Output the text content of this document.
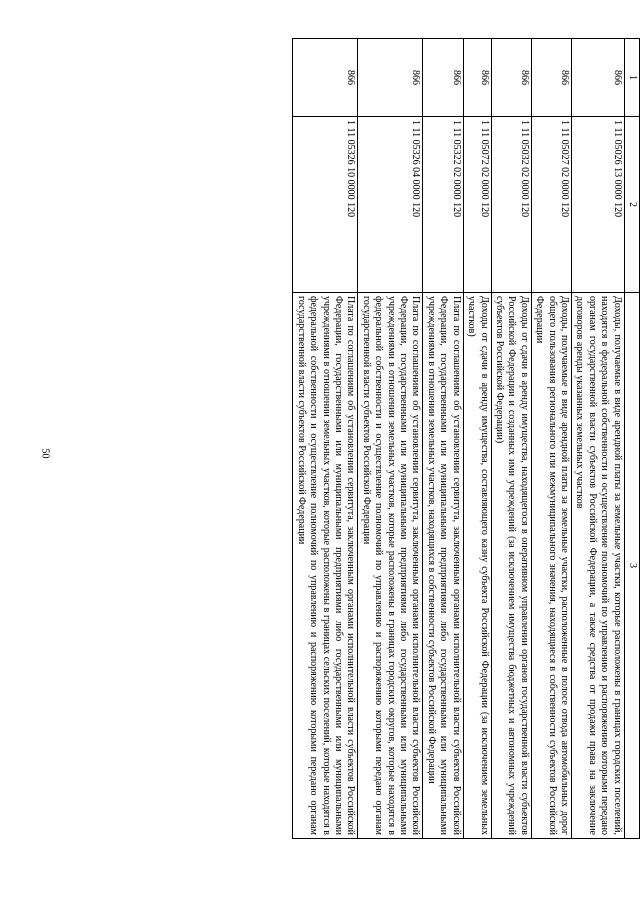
50
1	2	3
866	1 11 05026 13 0000 120	Доходы, получаемые в виде арендной платы за земельные участки, которые расположены в границах городских поселений, находятся в федеральной собственности и осуществление полномочий по управлению и распоряжению которыми передано органам государственной власти субъектов Российской Федерации, а также средства от продажи права на заключение договоров аренды указанных земельных участков
866	1 11 05027 02 0000 120	Доходы, получаемые в виде арендной платы за земельные участки, расположенные в полосе отвода автомобильных дорог общего пользования регионального или межмуниципального значения, находящиеся в собственности субъектов Российской Федерации
866	1 11 05032 02 0000 120	Доходы от сдачи в аренду имущества, находящегося в оперативном управлении органов государственной власти субъектов Российской Федерации и созданных ими учреждений (за исключением имущества бюджетных и автономных учреждений субъектов Российской Федерации)
866	1 11 05072 02 0000 120	Доходы от сдачи в аренду имущества, составляющего казну субъекта Российской Федерации (за исключением земельных участков)
866	1 11 05322 02 0000 120	Плата по соглашениям об установлении сервитута, заключенным органами исполнительной власти субъектов Российской Федерации, государственными или муниципальными предприятиями либо государственными или муниципальными учреждениями в отношении земельных участков, находящихся в собственности субъектов Российской Федерации
866	1 11 05326 04 0000 120	Плата по соглашениям об установлении сервитута, заключенным органами исполнительной власти субъектов Российской Федерации, государственными или муниципальными предприятиями либо государственными или муниципальными учреждениями в отношении земельных участков, которые расположены в границах городских округов, которые находятся в федеральной собственности и осуществление полномочий по управлению и распоряжению которыми передано органам государственной власти субъектов Российской Федерации
866	1 11 05326 10 0000 120	Плата по соглашениям об установлении сервитута, заключенным органами исполнительной власти субъектов Российской Федерации, государственными или муниципальными предприятиями либо государственными или муниципальными учреждениями в отношении земельных участков, которые расположены в границах сельских поселений, которые находятся в федеральной собственности и осуществление полномочий по управлению и распоряжению которыми передано органам государственной власти субъектов Российской Федерации
